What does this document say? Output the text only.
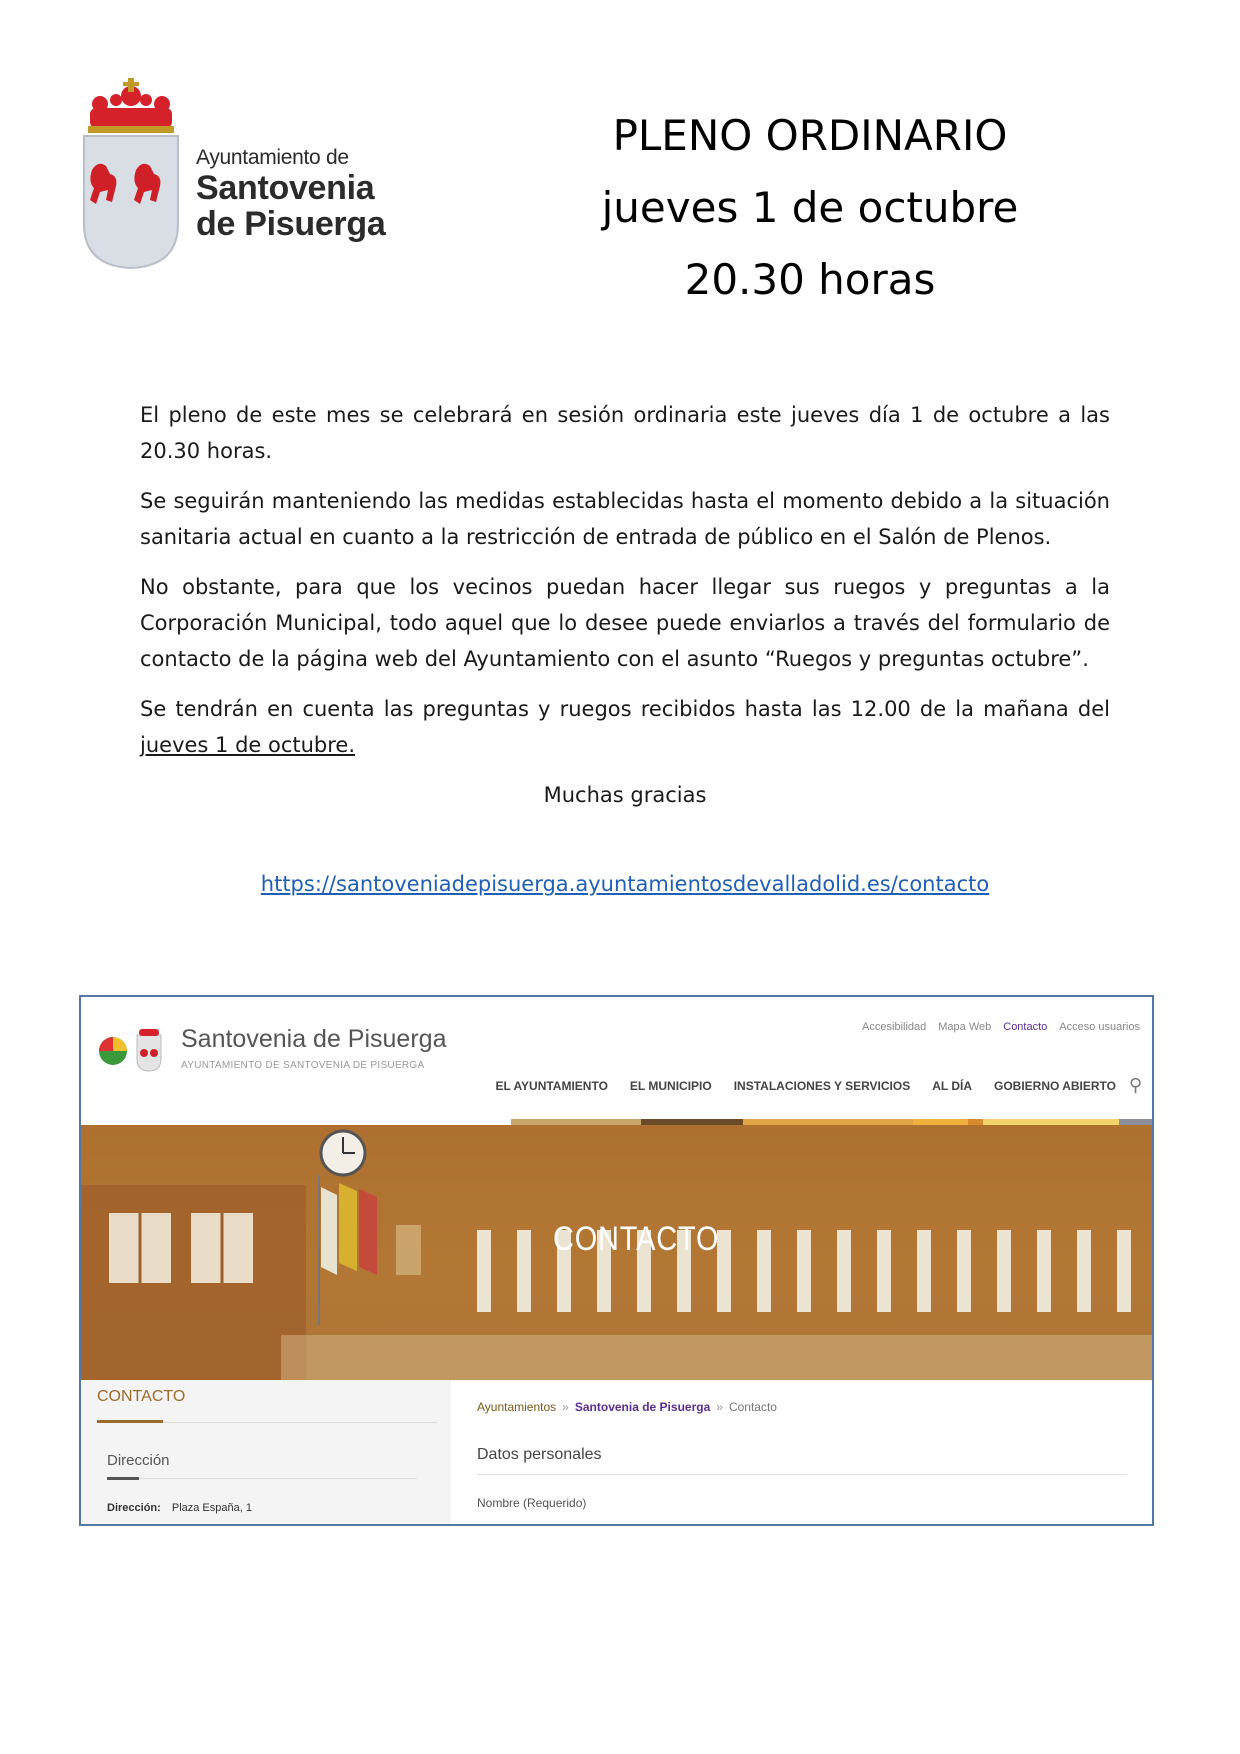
Ayuntamiento de
Santovenia
de Pisuerga
PLENO ORDINARIO
jueves 1 de octubre
20.30 horas

El pleno de este mes se celebrará en sesión ordinaria este jueves día 1 de octubre a las 20.30 horas.

Se seguirán manteniendo las medidas establecidas hasta el momento debido a la situación sanitaria actual en cuanto a la restricción de entrada de público en el Salón de Plenos.

No obstante, para que los vecinos puedan hacer llegar sus ruegos y preguntas a la Corporación Municipal, todo aquel que lo desee puede enviarlos a través del formulario de contacto de la página web del Ayuntamiento con el asunto “Ruegos y preguntas octubre”.

Se tendrán en cuenta las preguntas y ruegos recibidos hasta las 12.00 de la mañana del jueves 1 de octubre.

Muchas gracias

https://santoveniadepisuerga.ayuntamientosdevalladolid.es/contacto
Santovenia de Pisuerga
AYUNTAMIENTO DE SANTOVENIA DE PISUERGA
Accesibilidad Mapa Web Contacto Acceso usuarios
EL AYUNTAMIENTO EL MUNICIPIO INSTALACIONES Y SERVICIOS AL DÍA GOBIERNO ABIERTO ⚲
CONTACTO
CONTACTO
Dirección
Dirección: Plaza España, 1
Ayuntamientos » Santovenia de Pisuerga » Contacto
Datos personales
Nombre (Requerido)
